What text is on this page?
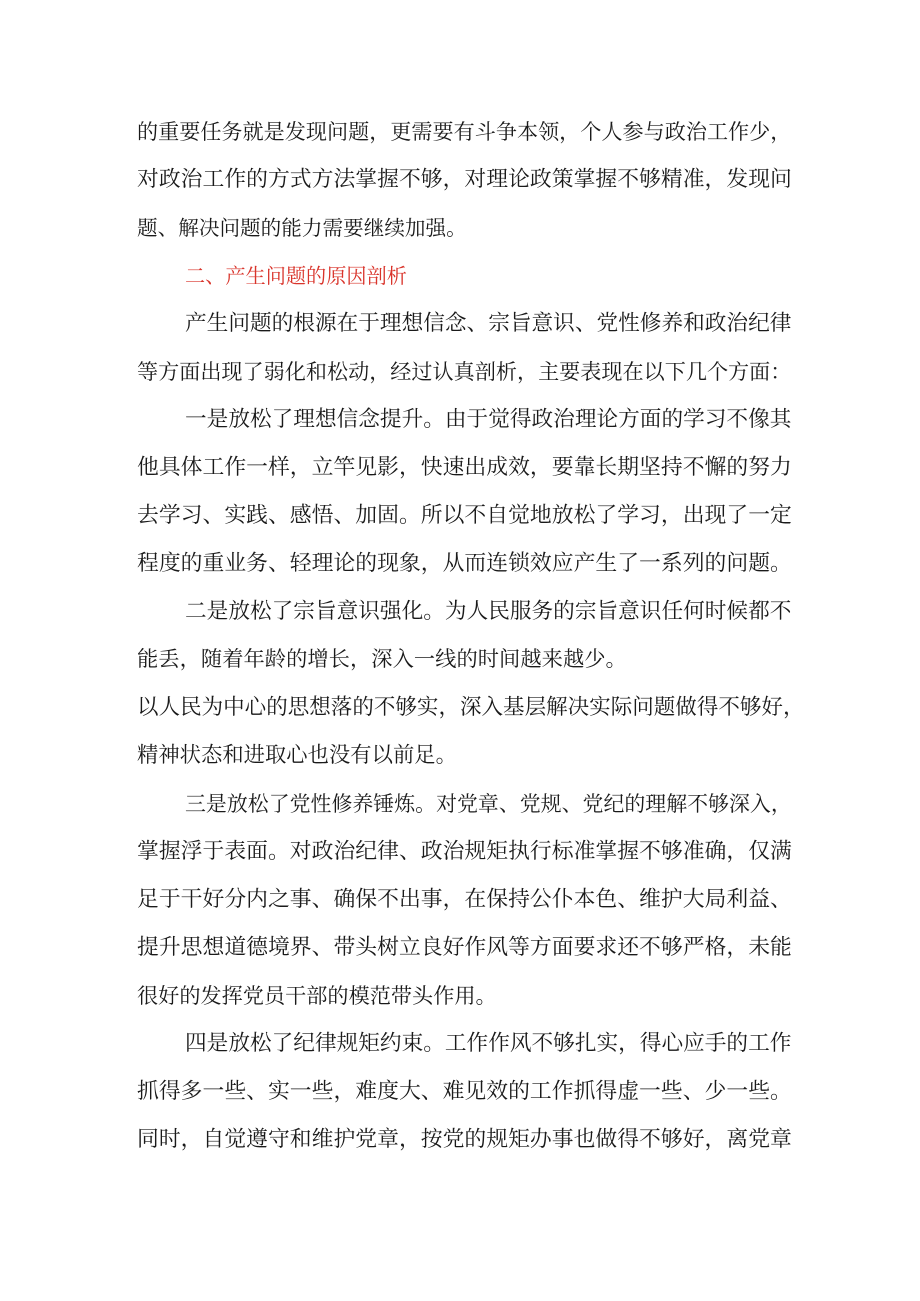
的重要任务就是发现问题，更需要有斗争本领，个人参与政治工作少，
对政治工作的方式方法掌握不够，对理论政策掌握不够精准，发现问
题、解决问题的能力需要继续加强。
二、产生问题的原因剖析
产生问题的根源在于理想信念、宗旨意识、党性修养和政治纪律
等方面出现了弱化和松动，经过认真剖析，主要表现在以下几个方面：
一是放松了理想信念提升。由于觉得政治理论方面的学习不像其
他具体工作一样，立竿见影，快速出成效，要靠长期坚持不懈的努力
去学习、实践、感悟、加固。所以不自觉地放松了学习，出现了一定
程度的重业务、轻理论的现象，从而连锁效应产生了一系列的问题。
二是放松了宗旨意识强化。为人民服务的宗旨意识任何时候都不
能丢，随着年龄的增长，深入一线的时间越来越少。
以人民为中心的思想落的不够实，深入基层解决实际问题做得不够好，
精神状态和进取心也没有以前足。
三是放松了党性修养锤炼。对党章、党规、党纪的理解不够深入，
掌握浮于表面。对政治纪律、政治规矩执行标准掌握不够准确，仅满
足于干好分内之事、确保不出事，在保持公仆本色、维护大局利益、
提升思想道德境界、带头树立良好作风等方面要求还不够严格，未能
很好的发挥党员干部的模范带头作用。
四是放松了纪律规矩约束。工作作风不够扎实，得心应手的工作
抓得多一些、实一些，难度大、难见效的工作抓得虚一些、少一些。
同时，自觉遵守和维护党章，按党的规矩办事也做得不够好，离党章
